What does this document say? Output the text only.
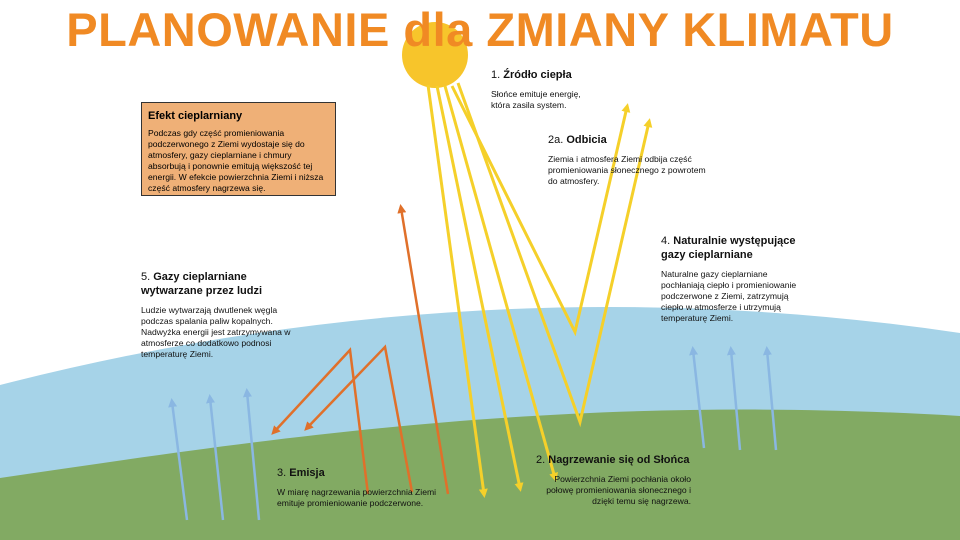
PLANOWANIE dla ZMIANY KLIMATU
Efekt cieplarniany
Podczas gdy część promieniowania podczerwonego z Ziemi wydostaje się do atmosfery, gazy cieplarniane i chmury absorbują i ponownie emitują większość tej energii. W efekcie powierzchnia Ziemi i niższa część atmosfery nagrzewa się.
1. Źródło ciepła
Słońce emituje energię, która zasila system.
2a. Odbicia
Ziemia i atmosfera Ziemi odbija część promieniowania słonecznego z powrotem do atmosfery.
4. Naturalnie występujące gazy cieplarniane
Naturalne gazy cieplarniane pochłaniają ciepło i promieniowanie podczerwone z Ziemi, zatrzymują ciepło w atmosferze i utrzymują temperaturę Ziemi.
5. Gazy cieplarniane wytwarzane przez ludzi
Ludzie wytwarzają dwutlenek węgla podczas spalania paliw kopalnych. Nadwyżka energii jest zatrzymywana w atmosferze co dodatkowo podnosi temperaturę Ziemi.
3. Emisja
W miarę nagrzewania powierzchnia Ziemi emituje promieniowanie podczerwone.
2. Nagrzewanie się od Słońca
Powierzchnia Ziemi pochłania około połowę promieniowania słonecznego i dzięki temu się nagrzewa.
